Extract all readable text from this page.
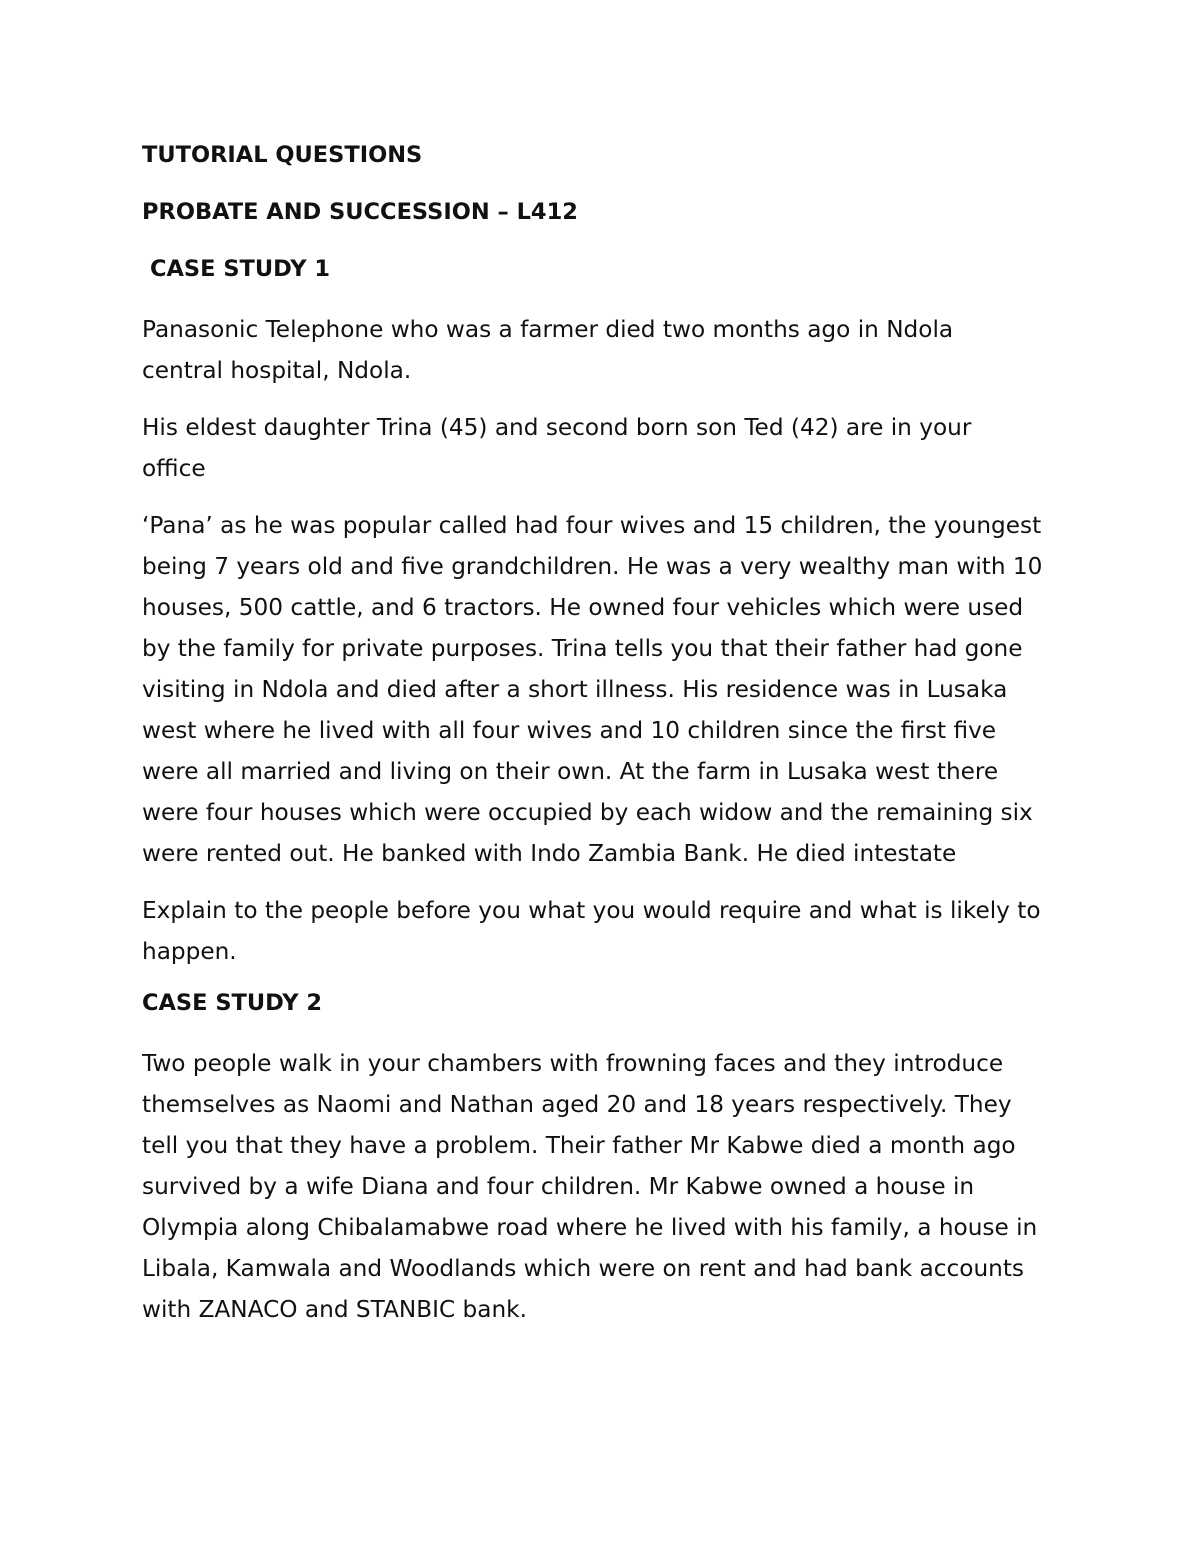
TUTORIAL QUESTIONS
PROBATE AND SUCCESSION – L412
CASE STUDY 1
Panasonic Telephone who was a farmer died two months ago in Ndola
central hospital, Ndola.
His eldest daughter Trina (45) and second born son Ted (42) are in your
office
‘Pana’ as he was popular called had four wives and 15 children, the youngest
being 7 years old and five grandchildren. He was a very wealthy man with 10
houses, 500 cattle, and 6 tractors. He owned four vehicles which were used
by the family for private purposes. Trina tells you that their father had gone
visiting in Ndola and died after a short illness. His residence was in Lusaka
west where he lived with all four wives and 10 children since the first five
were all married and living on their own. At the farm in Lusaka west there
were four houses which were occupied by each widow and the remaining six
were rented out. He banked with Indo Zambia Bank. He died intestate
Explain to the people before you what you would require and what is likely to
happen.
CASE STUDY 2
Two people walk in your chambers with frowning faces and they introduce
themselves as Naomi and Nathan aged 20 and 18 years respectively. They
tell you that they have a problem. Their father Mr Kabwe died a month ago
survived by a wife Diana and four children. Mr Kabwe owned a house in
Olympia along Chibalamabwe road where he lived with his family, a house in
Libala, Kamwala and Woodlands which were on rent and had bank accounts
with ZANACO and STANBIC bank.
